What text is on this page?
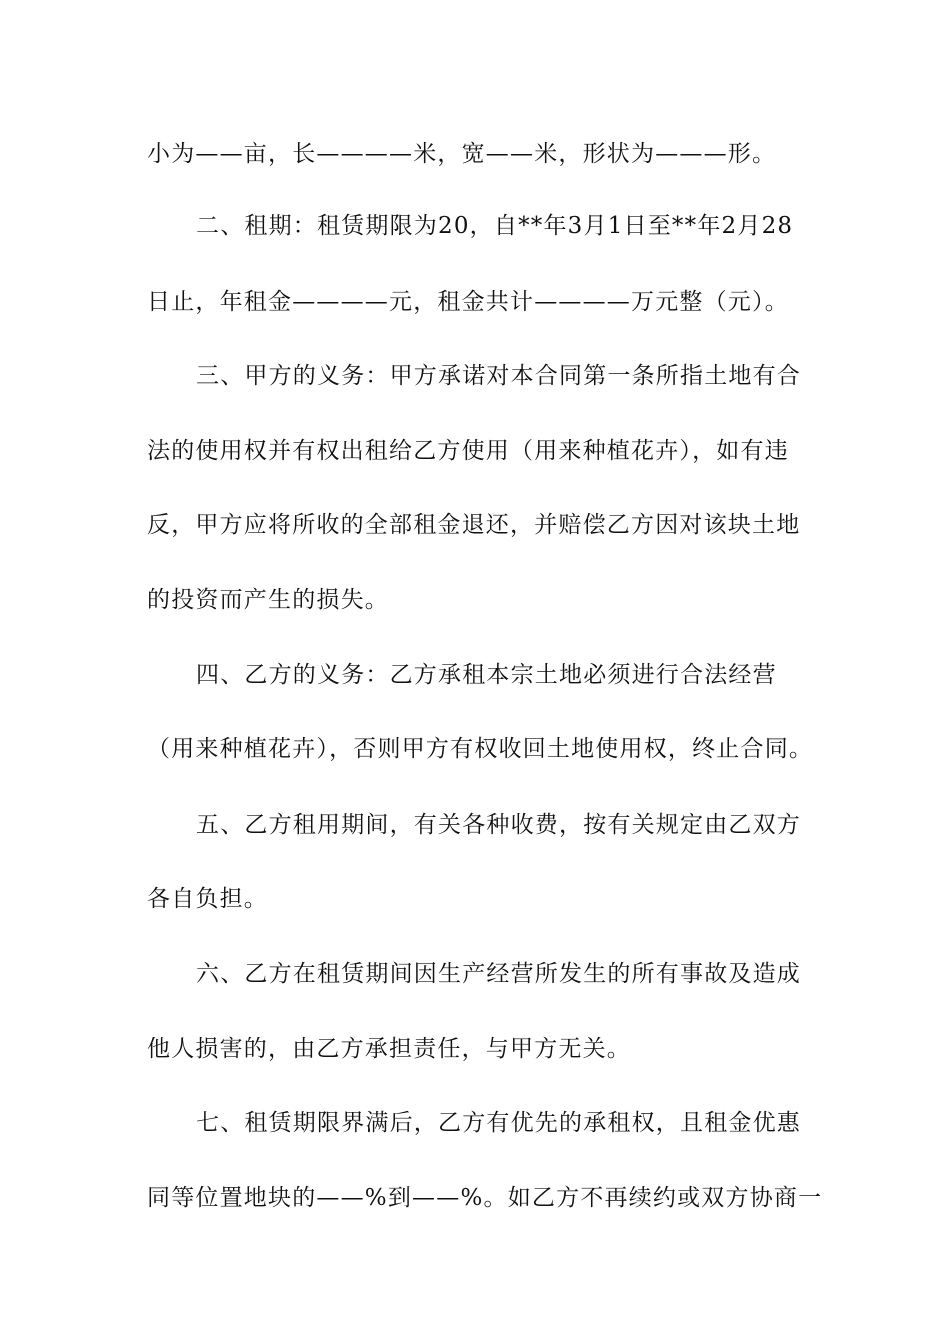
小为——亩，长————米，宽——米，形状为———形。
二、租期：租赁期限为20，自**年3月1日至**年2月28
日止，年租金————元，租金共计————万元整（元）。
三、甲方的义务：甲方承诺对本合同第一条所指土地有合
法的使用权并有权出租给乙方使用（用来种植花卉），如有违
反，甲方应将所收的全部租金退还，并赔偿乙方因对该块土地
的投资而产生的损失。
四、乙方的义务：乙方承租本宗土地必须进行合法经营
（用来种植花卉），否则甲方有权收回土地使用权，终止合同。
五、乙方租用期间，有关各种收费，按有关规定由乙双方
各自负担。
六、乙方在租赁期间因生产经营所发生的所有事故及造成
他人损害的，由乙方承担责任，与甲方无关。
七、租赁期限界满后，乙方有优先的承租权，且租金优惠
同等位置地块的——%到——%。如乙方不再续约或双方协商一
